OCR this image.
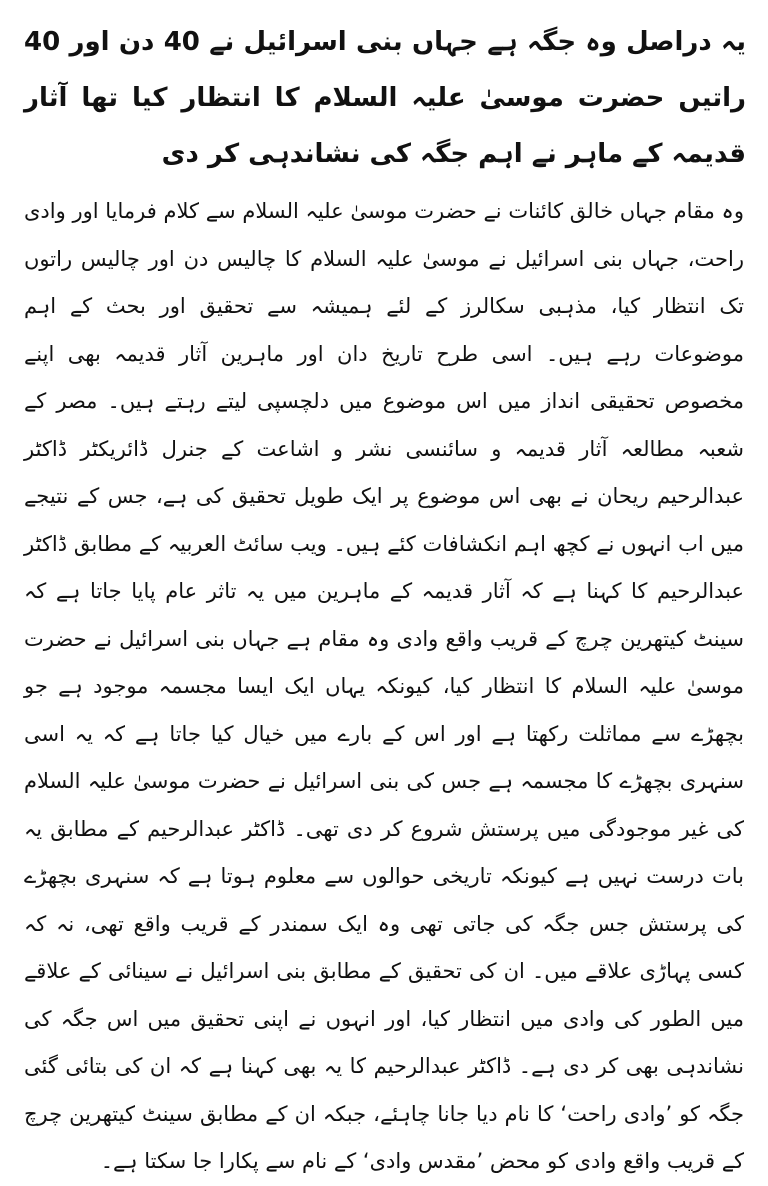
یہ دراصل وہ جگہ ہے جہاں بنی اسرائیل نے 40 دن اور 40 راتیں حضرت موسیٰ علیہ السلام کا انتظار کیا تھا آثار قدیمہ کے ماہر نے اہم جگہ کی نشاندہی کر دی

وہ مقام جہاں خالق کائنات نے حضرت موسیٰ علیہ السلام سے کلام فرمایا اور وادی راحت، جہاں بنی اسرائیل نے موسیٰ علیہ السلام کا چالیس دن اور چالیس راتوں تک انتظار کیا، مذہبی سکالرز کے لئے ہمیشہ سے تحقیق اور بحث کے اہم موضوعات رہے ہیں۔ اسی طرح تاریخ دان اور ماہرین آثار قدیمہ بھی اپنے مخصوص تحقیقی انداز میں اس موضوع میں دلچسپی لیتے رہتے ہیں۔ مصر کے شعبہ مطالعہ آثار قدیمہ و سائنسی نشر و اشاعت کے جنرل ڈائریکٹر ڈاکٹر عبدالرحیم ریحان نے بھی اس موضوع پر ایک طویل تحقیق کی ہے، جس کے نتیجے میں اب انہوں نے کچھ اہم انکشافات کئے ہیں۔ ویب سائٹ العربیہ کے مطابق ڈاکٹر عبدالرحیم کا کہنا ہے کہ آثار قدیمہ کے ماہرین میں یہ تاثر عام پایا جاتا ہے کہ سینٹ کیتھرین چرچ کے قریب واقع وادی وہ مقام ہے جہاں بنی اسرائیل نے حضرت موسیٰ علیہ السلام کا انتظار کیا، کیونکہ یہاں ایک ایسا مجسمہ موجود ہے جو بچھڑے سے مماثلت رکھتا ہے اور اس کے بارے میں خیال کیا جاتا ہے کہ یہ اسی سنہری بچھڑے کا مجسمہ ہے جس کی بنی اسرائیل نے حضرت موسیٰ علیہ السلام کی غیر موجودگی میں پرستش شروع کر دی تھی۔ ڈاکٹر عبدالرحیم کے مطابق یہ بات درست نہیں ہے کیونکہ تاریخی حوالوں سے معلوم ہوتا ہے کہ سنہری بچھڑے کی پرستش جس جگہ کی جاتی تھی وہ ایک سمندر کے قریب واقع تھی، نہ کہ کسی پہاڑی علاقے میں۔ ان کی تحقیق کے مطابق بنی اسرائیل نے سینائی کے علاقے میں الطور کی وادی میں انتظار کیا، اور انہوں نے اپنی تحقیق میں اس جگہ کی نشاندہی بھی کر دی ہے۔ ڈاکٹر عبدالرحیم کا یہ بھی کہنا ہے کہ ان کی بتائی گئی جگہ کو ’وادی راحت‘ کا نام دیا جانا چاہئے، جبکہ ان کے مطابق سینٹ کیتھرین چرچ کے قریب واقع وادی کو محض ’مقدس وادی‘ کے نام سے پکارا جا سکتا ہے۔
